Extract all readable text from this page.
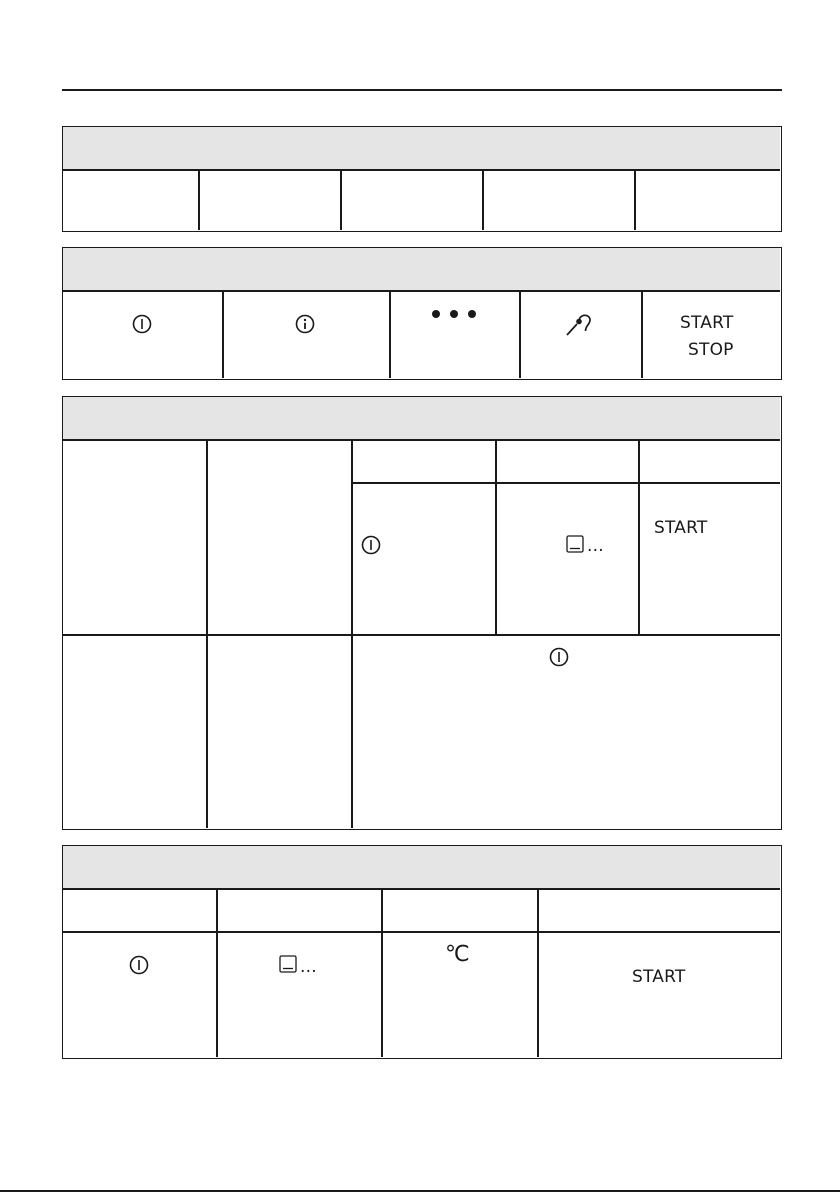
START
STOP
...
START
...	℃
START
